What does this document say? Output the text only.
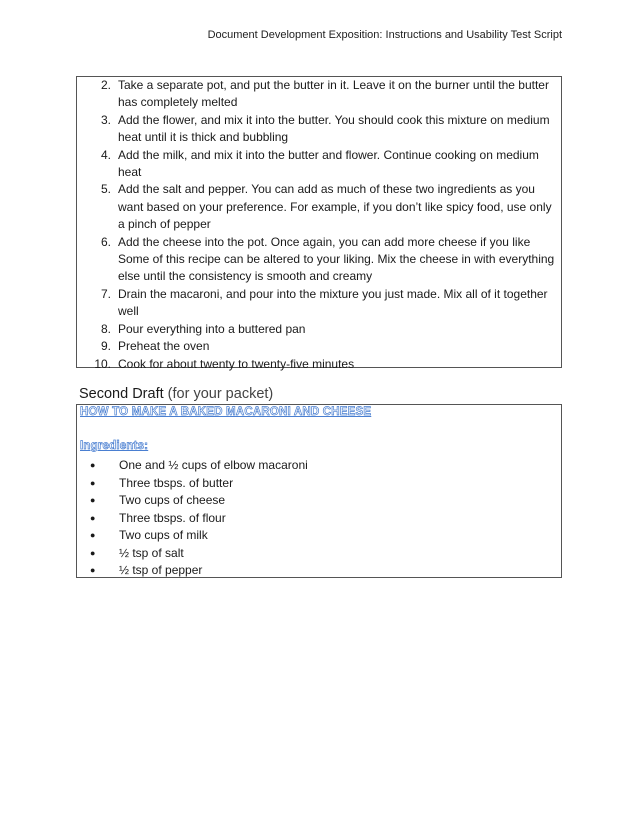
Document Development Exposition: Instructions and Usability Test Script
2. Take a separate pot, and put the butter in it. Leave it on the burner until the butter has completely melted
3. Add the flower, and mix it into the butter. You should cook this mixture on medium heat until it is thick and bubbling
4. Add the milk, and mix it into the butter and flower. Continue cooking on medium heat
5. Add the salt and pepper. You can add as much of these two ingredients as you want based on your preference. For example, if you don’t like spicy food, use only a pinch of pepper
6. Add the cheese into the pot. Once again, you can add more cheese if you like Some of this recipe can be altered to your liking. Mix the cheese in with everything else until the consistency is smooth and creamy
7. Drain the macaroni, and pour into the mixture you just made. Mix all of it together well
8. Pour everything into a buttered pan
9. Preheat the oven
10. Cook for about twenty to twenty-five minutes
Second Draft (for your packet)
HOW TO MAKE A BAKED MACARONI AND CHEESE
Ingredients:
● One and ½ cups of elbow macaroni
● Three tbsps. of butter
● Two cups of cheese
● Three tbsps. of flour
● Two cups of milk
● ½ tsp of salt
● ½ tsp of pepper
